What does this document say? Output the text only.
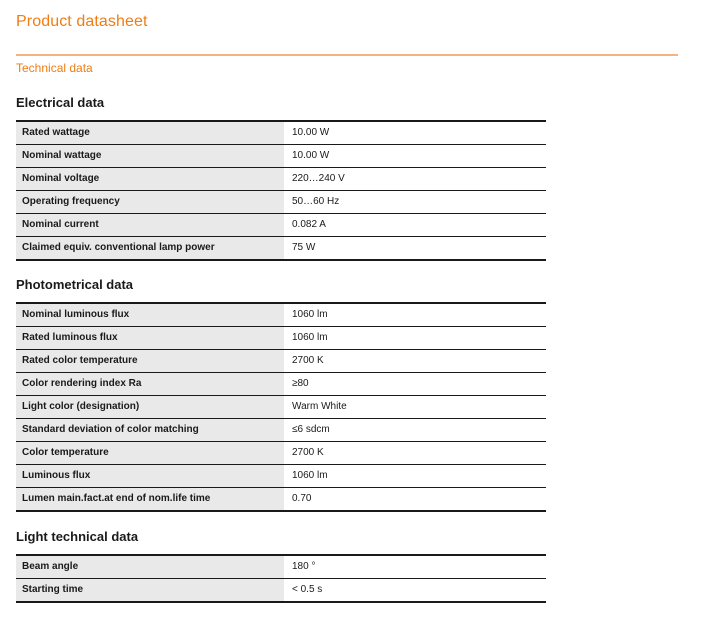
Product datasheet
Technical data
Electrical data
Rated wattage	10.00 W
Nominal wattage	10.00 W
Nominal voltage	220…240 V
Operating frequency	50…60 Hz
Nominal current	0.082 A
Claimed equiv. conventional lamp power	75 W
Photometrical data
Nominal luminous flux	1060 lm
Rated luminous flux	1060 lm
Rated color temperature	2700 K
Color rendering index Ra	≥80
Light color (designation)	Warm White
Standard deviation of color matching	≤6 sdcm
Color temperature	2700 K
Luminous flux	1060 lm
Lumen main.fact.at end of nom.life time	0.70
Light technical data
Beam angle	180 °
Starting time	< 0.5 s
